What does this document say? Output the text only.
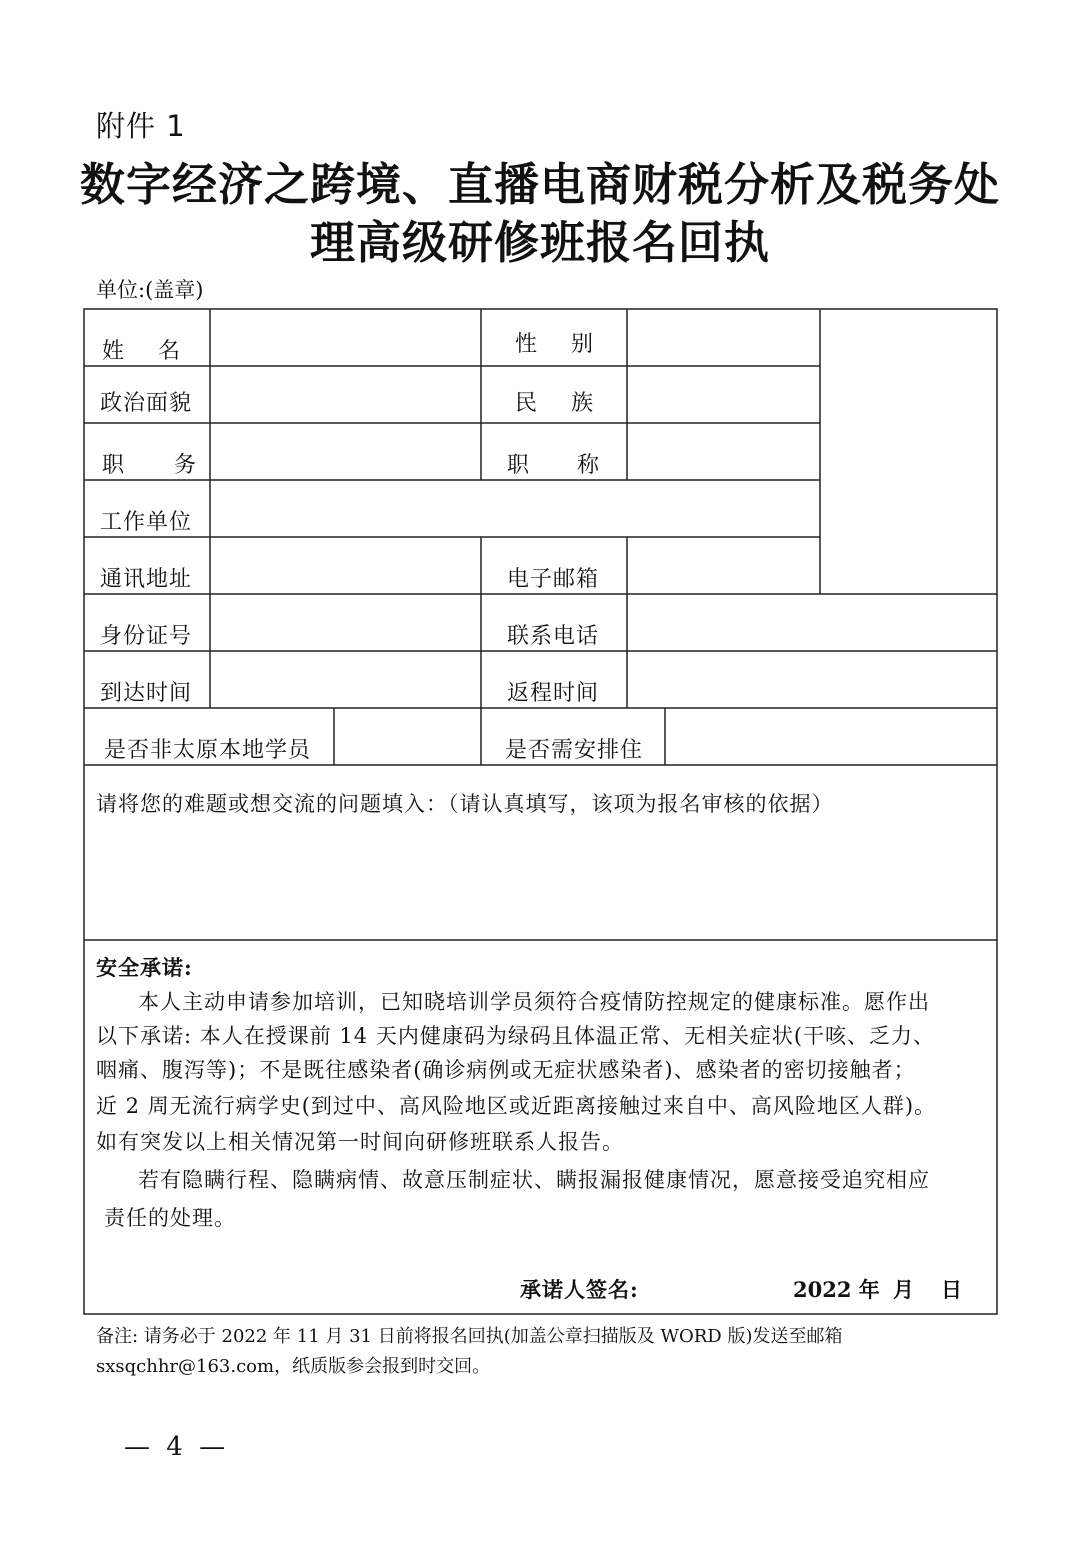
附件 1
数字经济之跨境、直播电商财税分析及税务处
理高级研修班报名回执
单位:(盖章)
姓名	性别
政治面貌	民族
职务	职称
工作单位
通讯地址	电子邮箱
身份证号	联系电话
到达时间	返程时间
是否非太原本地学员	是否需安排住
请将您的难题或想交流的问题填入：（请认真填写，该项为报名审核的依据）
安全承诺:
本人主动申请参加培训，已知晓培训学员须符合疫情防控规定的健康标准。愿作出
以下承诺: 本人在授课前 14 天内健康码为绿码且体温正常、无相关症状(干咳、乏力、
咽痛、腹泻等)；不是既往感染者(确诊病例或无症状感染者)、感染者的密切接触者；
近 2 周无流行病学史(到过中、高风险地区或近距离接触过来自中、高风险地区人群)。
如有突发以上相关情况第一时间向研修班联系人报告。
若有隐瞒行程、隐瞒病情、故意压制症状、瞒报漏报健康情况，愿意接受追究相应
责任的处理。
承诺人签名:	2022 年 月 日
备注: 请务必于 2022 年 11 月 31 日前将报名回执(加盖公章扫描版及 WORD 版)发送至邮箱
sxsqchhr@163.com，纸质版参会报到时交回。
— 4 —
